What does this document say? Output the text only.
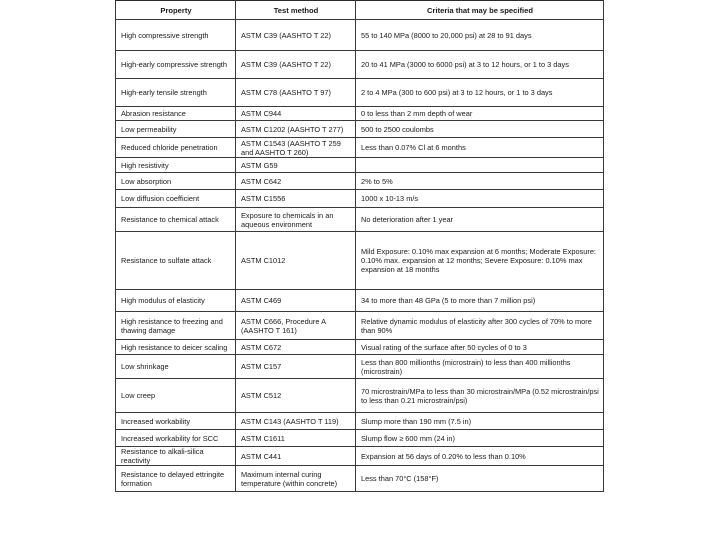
Property	Test method	Criteria that may be specified
High compressive strength	ASTM C39 (AASHTO T 22)	55 to 140 MPa (8000 to 20,000 psi) at 28 to 91 days
High-early compressive strength	ASTM C39 (AASHTO T 22)	20 to 41 MPa (3000 to 6000 psi) at 3 to 12 hours, or 1 to 3 days
High-early tensile strength	ASTM C78 (AASHTO T 97)	2 to 4 MPa (300 to 600 psi) at 3 to 12 hours, or 1 to 3 days
Abrasion resistance	ASTM C944	0 to less than 2 mm depth of wear
Low permeability	ASTM C1202 (AASHTO T 277)	500 to 2500 coulombs
Reduced chloride penetration	ASTM C1543 (AASHTO T 259 and AASHTO T 260)	Less than 0.07% Cl at 6 months
High resistivity	ASTM G59	
Low absorption	ASTM C642	2% to 5%
Low diffusion coefficient	ASTM C1556	1000 x 10-13 m/s
Resistance to chemical attack	Exposure to chemicals in an aqueous environment	No deterioration after 1 year
Resistance to sulfate attack	ASTM C1012	Mild Exposure: 0.10% max expansion at 6 months; Moderate Exposure: 0.10% max. expansion at 12 months; Severe Exposure: 0.10% max expansion at 18 months
High modulus of elasticity	ASTM C469	34 to more than 48 GPa (5 to more than 7 million psi)
High resistance to freezing and thawing damage	ASTM C666, Procedure A (AASHTO T 161)	Relative dynamic modulus of elasticity after 300 cycles of 70% to more than 90%
High resistance to deicer scaling	ASTM C672	Visual rating of the surface after 50 cycles of 0 to 3
Low shrinkage	ASTM C157	Less than 800 millionths (microstrain) to less than 400 millionths (microstrain)
Low creep	ASTM C512	70 microstrain/MPa to less than 30 microstrain/MPa (0.52 microstrain/psi to less than 0.21 microstrain/psi)
Increased workability	ASTM C143 (AASHTO T 119)	Slump more than 190 mm (7.5 in)
Increased workability for SCC	ASTM C1611	Slump flow ≥ 600 mm (24 in)
Resistance to alkali-silica reactivity	ASTM C441	Expansion at 56 days of 0.20% to less than 0.10%
Resistance to delayed ettringite formation	Maximum internal curing temperature (within concrete)	Less than 70°C (158°F)
